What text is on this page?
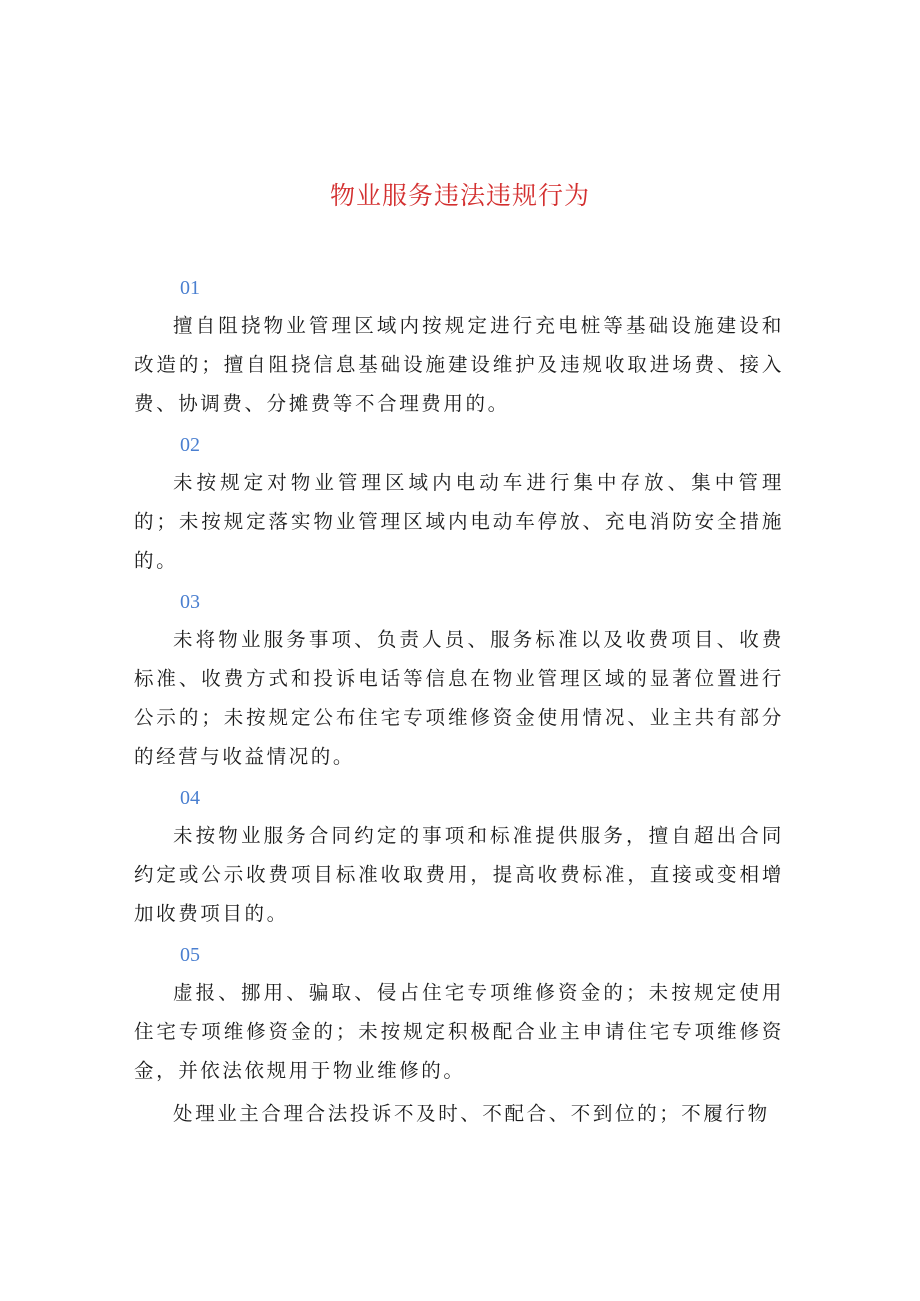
物业服务违法违规行为
01

擅自阻挠物业管理区域内按规定进行充电桩等基础设施建设和改造的；擅自阻挠信息基础设施建设维护及违规收取进场费、接入费、协调费、分摊费等不合理费用的。

02

未按规定对物业管理区域内电动车进行集中存放、集中管理的；未按规定落实物业管理区域内电动车停放、充电消防安全措施的。

03

未将物业服务事项、负责人员、服务标准以及收费项目、收费标准、收费方式和投诉电话等信息在物业管理区域的显著位置进行公示的；未按规定公布住宅专项维修资金使用情况、业主共有部分的经营与收益情况的。

04

未按物业服务合同约定的事项和标准提供服务，擅自超出合同约定或公示收费项目标准收取费用，提高收费标准，直接或变相增加收费项目的。

05

虚报、挪用、骗取、侵占住宅专项维修资金的；未按规定使用住宅专项维修资金的；未按规定积极配合业主申请住宅专项维修资金，并依法依规用于物业维修的。

处理业主合理合法投诉不及时、不配合、不到位的；不履行物
